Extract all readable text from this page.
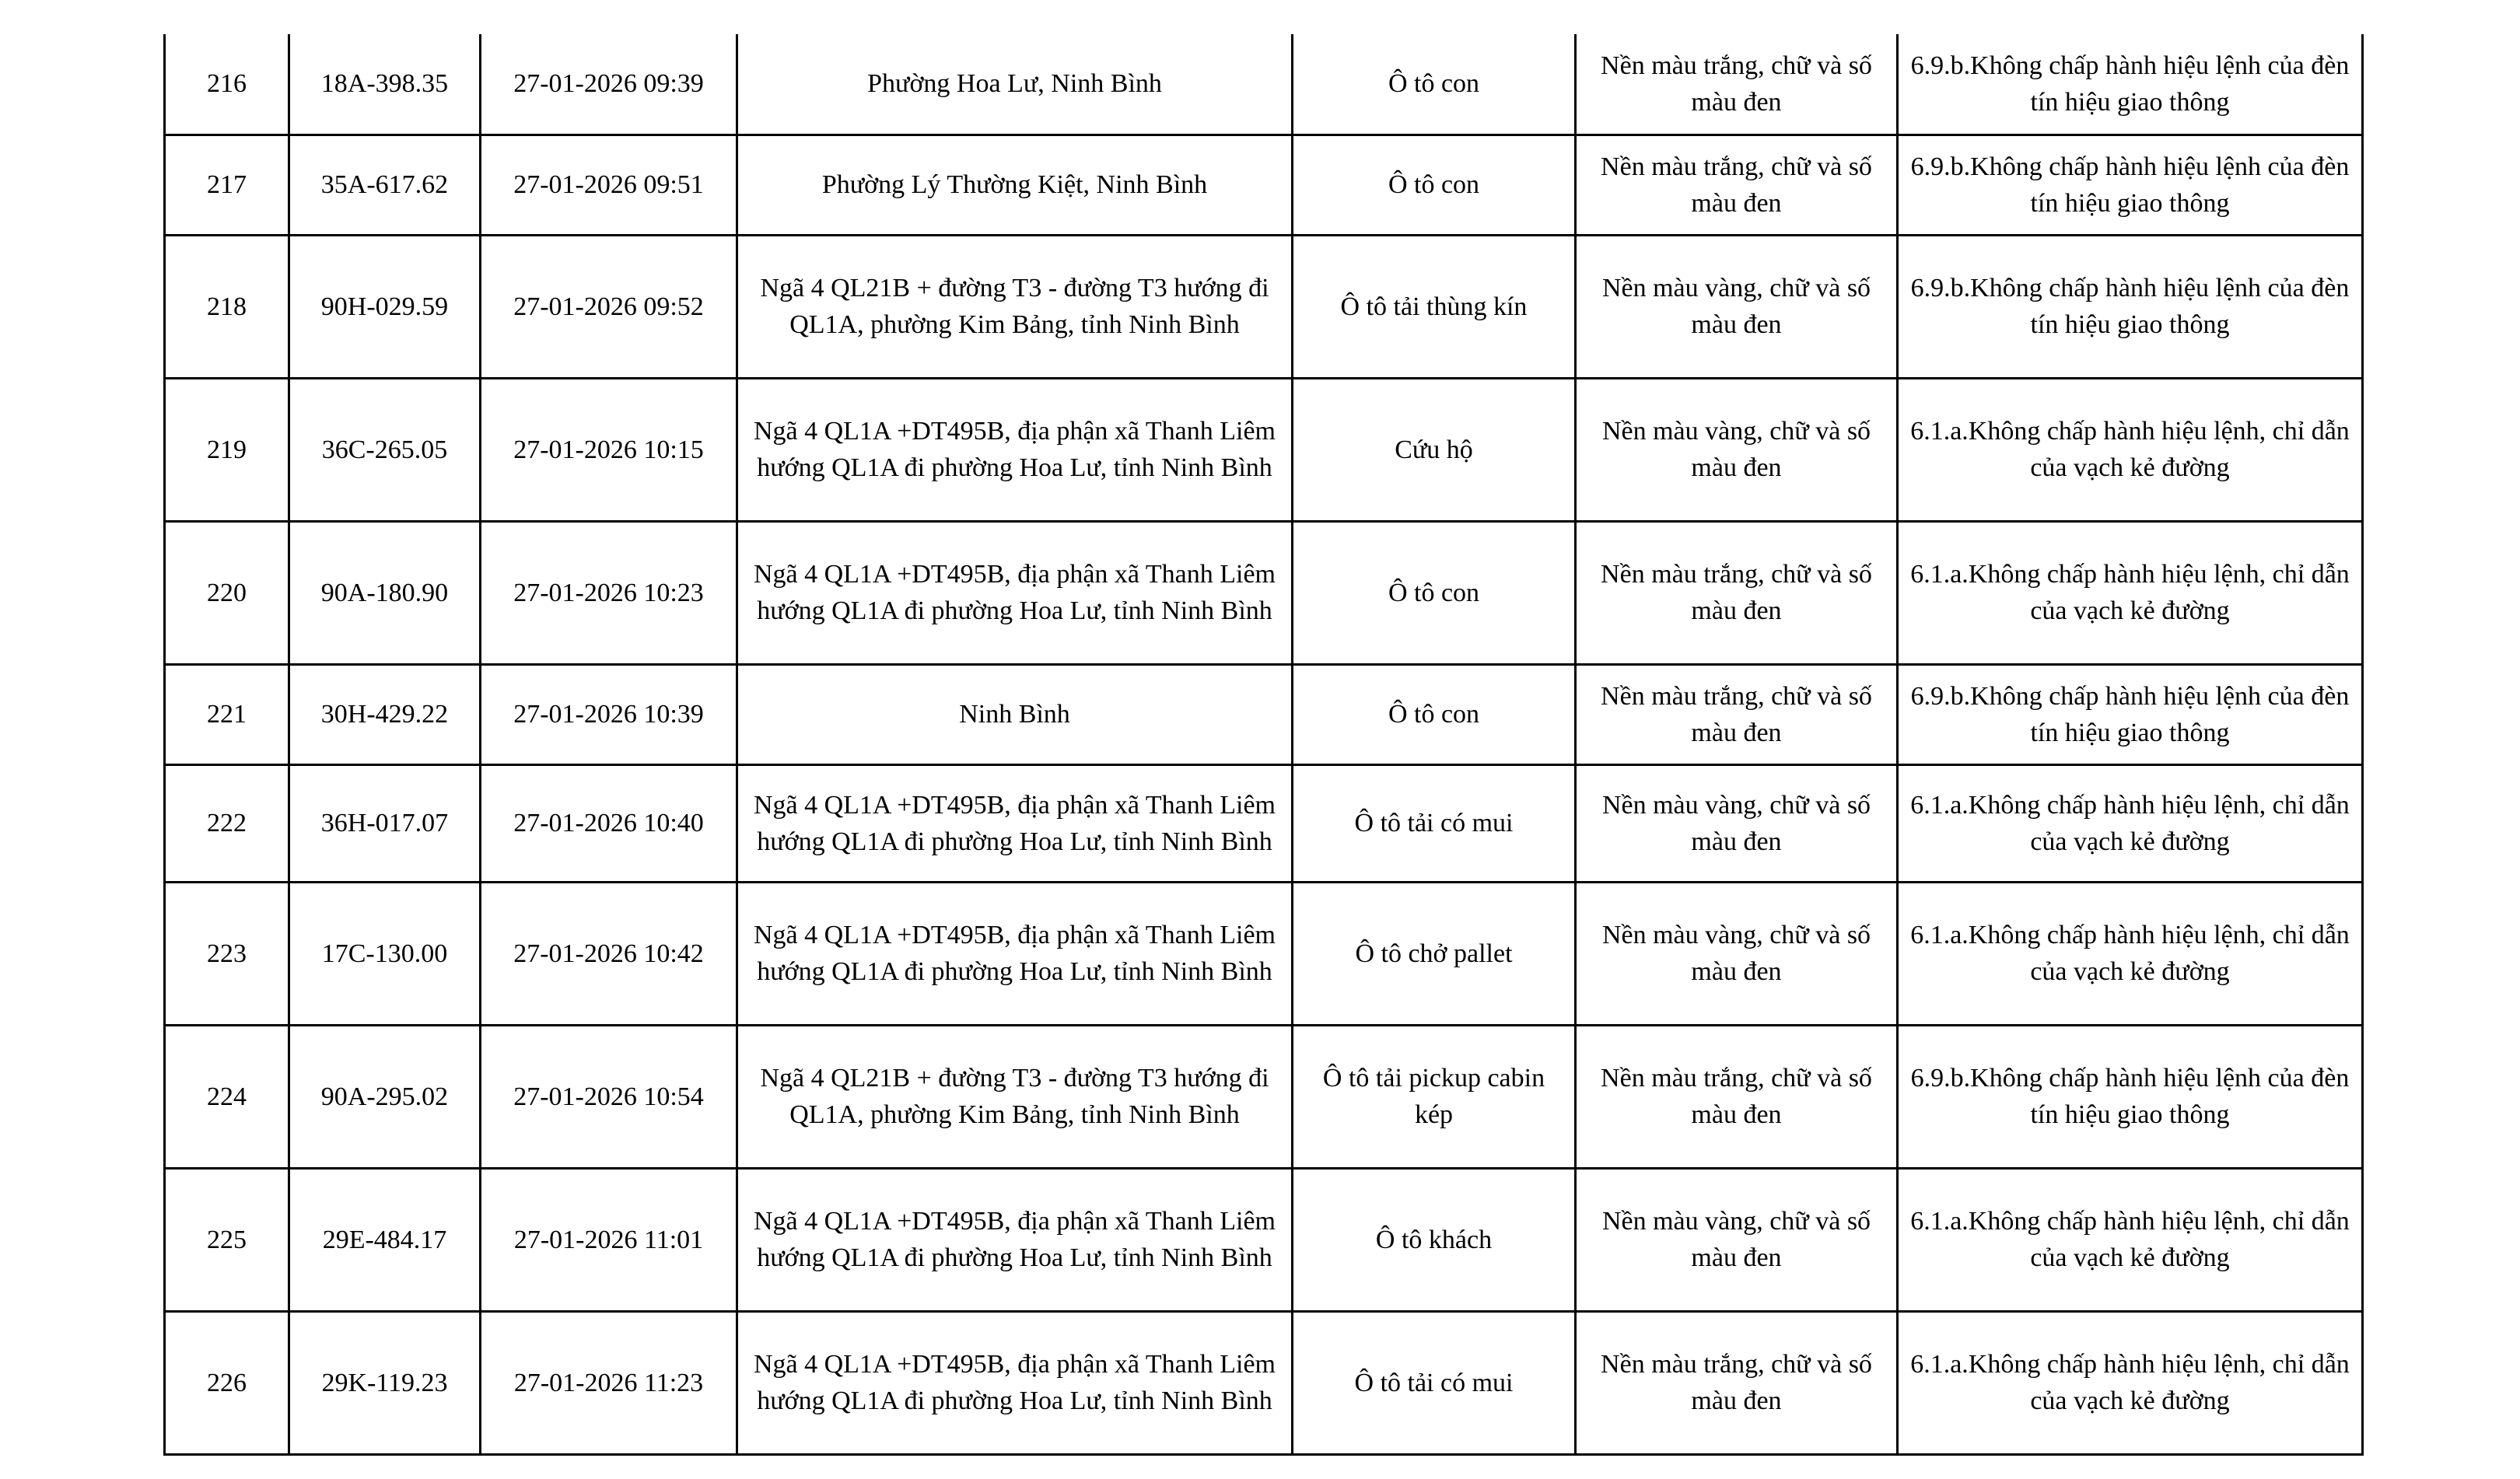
216	18A-398.35	27-01-2026 09:39	Phường Hoa Lư, Ninh Bình	Ô tô con	Nền màu trắng, chữ và số màu đen	6.9.b.Không chấp hành hiệu lệnh của đèn tín hiệu giao thông
217	35A-617.62	27-01-2026 09:51	Phường Lý Thường Kiệt, Ninh Bình	Ô tô con	Nền màu trắng, chữ và số màu đen	6.9.b.Không chấp hành hiệu lệnh của đèn tín hiệu giao thông
218	90H-029.59	27-01-2026 09:52	Ngã 4 QL21B + đường T3 - đường T3 hướng đi QL1A, phường Kim Bảng, tỉnh Ninh Bình	Ô tô tải thùng kín	Nền màu vàng, chữ và số màu đen	6.9.b.Không chấp hành hiệu lệnh của đèn tín hiệu giao thông
219	36C-265.05	27-01-2026 10:15	Ngã 4 QL1A +DT495B, địa phận xã Thanh Liêm hướng QL1A đi phường Hoa Lư, tỉnh Ninh Bình	Cứu hộ	Nền màu vàng, chữ và số màu đen	6.1.a.Không chấp hành hiệu lệnh, chỉ dẫn của vạch kẻ đường
220	90A-180.90	27-01-2026 10:23	Ngã 4 QL1A +DT495B, địa phận xã Thanh Liêm hướng QL1A đi phường Hoa Lư, tỉnh Ninh Bình	Ô tô con	Nền màu trắng, chữ và số màu đen	6.1.a.Không chấp hành hiệu lệnh, chỉ dẫn của vạch kẻ đường
221	30H-429.22	27-01-2026 10:39	Ninh Bình	Ô tô con	Nền màu trắng, chữ và số màu đen	6.9.b.Không chấp hành hiệu lệnh của đèn tín hiệu giao thông
222	36H-017.07	27-01-2026 10:40	Ngã 4 QL1A +DT495B, địa phận xã Thanh Liêm hướng QL1A đi phường Hoa Lư, tỉnh Ninh Bình	Ô tô tải có mui	Nền màu vàng, chữ và số màu đen	6.1.a.Không chấp hành hiệu lệnh, chỉ dẫn của vạch kẻ đường
223	17C-130.00	27-01-2026 10:42	Ngã 4 QL1A +DT495B, địa phận xã Thanh Liêm hướng QL1A đi phường Hoa Lư, tỉnh Ninh Bình	Ô tô chở pallet	Nền màu vàng, chữ và số màu đen	6.1.a.Không chấp hành hiệu lệnh, chỉ dẫn của vạch kẻ đường
224	90A-295.02	27-01-2026 10:54	Ngã 4 QL21B + đường T3 - đường T3 hướng đi QL1A, phường Kim Bảng, tỉnh Ninh Bình	Ô tô tải pickup cabin kép	Nền màu trắng, chữ và số màu đen	6.9.b.Không chấp hành hiệu lệnh của đèn tín hiệu giao thông
225	29E-484.17	27-01-2026 11:01	Ngã 4 QL1A +DT495B, địa phận xã Thanh Liêm hướng QL1A đi phường Hoa Lư, tỉnh Ninh Bình	Ô tô khách	Nền màu vàng, chữ và số màu đen	6.1.a.Không chấp hành hiệu lệnh, chỉ dẫn của vạch kẻ đường
226	29K-119.23	27-01-2026 11:23	Ngã 4 QL1A +DT495B, địa phận xã Thanh Liêm hướng QL1A đi phường Hoa Lư, tỉnh Ninh Bình	Ô tô tải có mui	Nền màu trắng, chữ và số màu đen	6.1.a.Không chấp hành hiệu lệnh, chỉ dẫn của vạch kẻ đường
